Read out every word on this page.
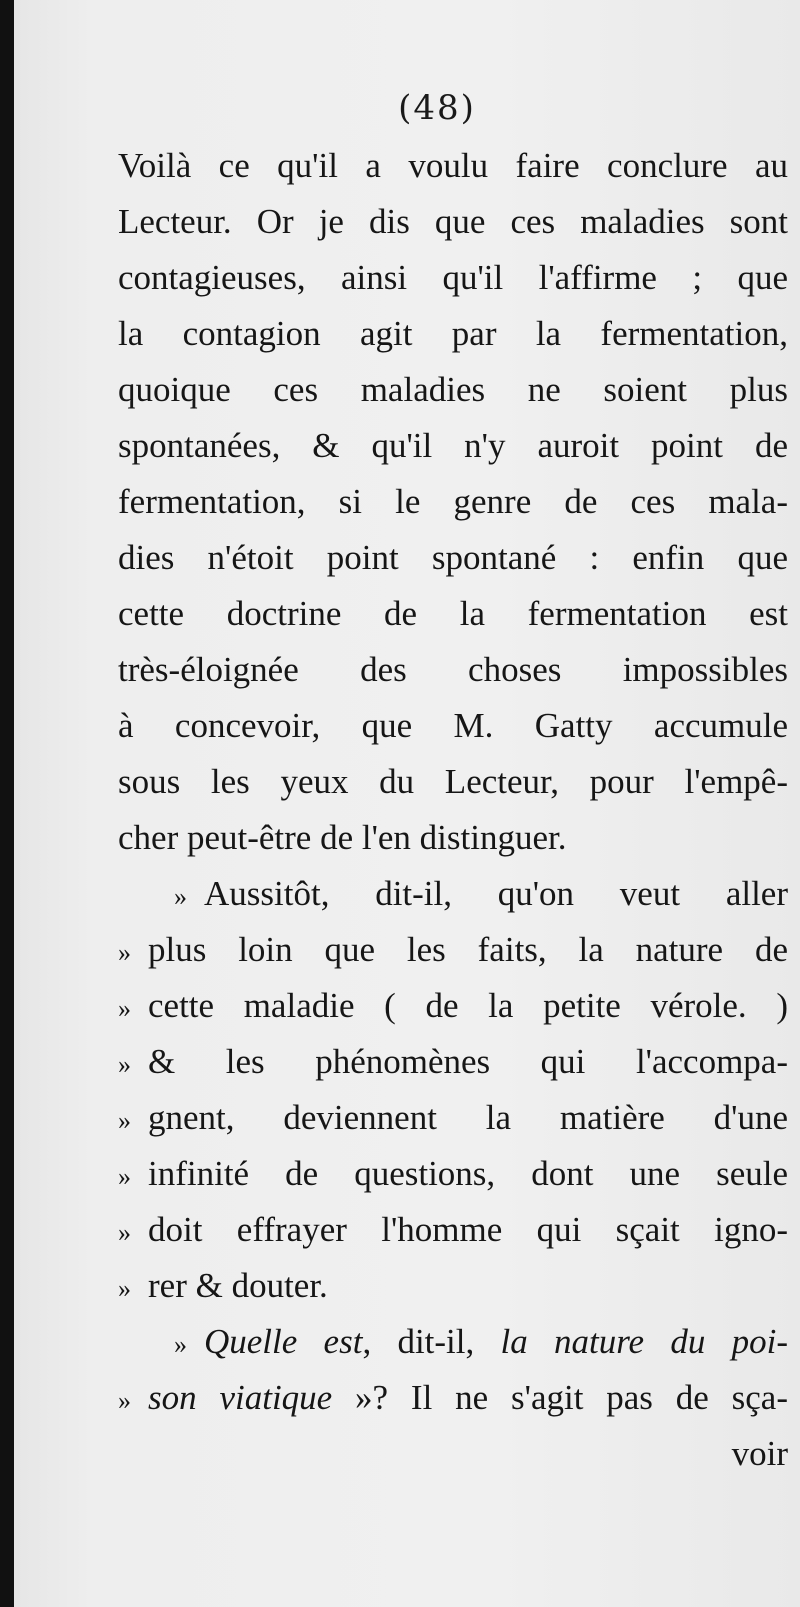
(48)
Voilà ce qu'il a voulu faire conclure au
Lecteur. Or je dis que ces maladies sont
contagieuses, ainsi qu'il l'affirme ; que
la contagion agit par la fermentation,
quoique ces maladies ne soient plus
spontanées, & qu'il n'y auroit point de
fermentation, si le genre de ces mala-
dies n'étoit point spontané : enfin que
cette doctrine de la fermentation est
très-éloignée des choses impossibles
à concevoir, que M. Gatty accumule
sous les yeux du Lecteur, pour l'empê-
cher peut-être de l'en distinguer.
» Aussitôt, dit-il, qu'on veut aller
» plus loin que les faits, la nature de
» cette maladie ( de la petite vérole. )
» & les phénomènes qui l'accompa-
» gnent, deviennent la matière d'une
» infinité de questions, dont une seule
» doit effrayer l'homme qui sçait igno-
» rer & douter.
» Quelle est, dit-il, la nature du poi-
» son viatique »? Il ne s'agit pas de sça-
voir
